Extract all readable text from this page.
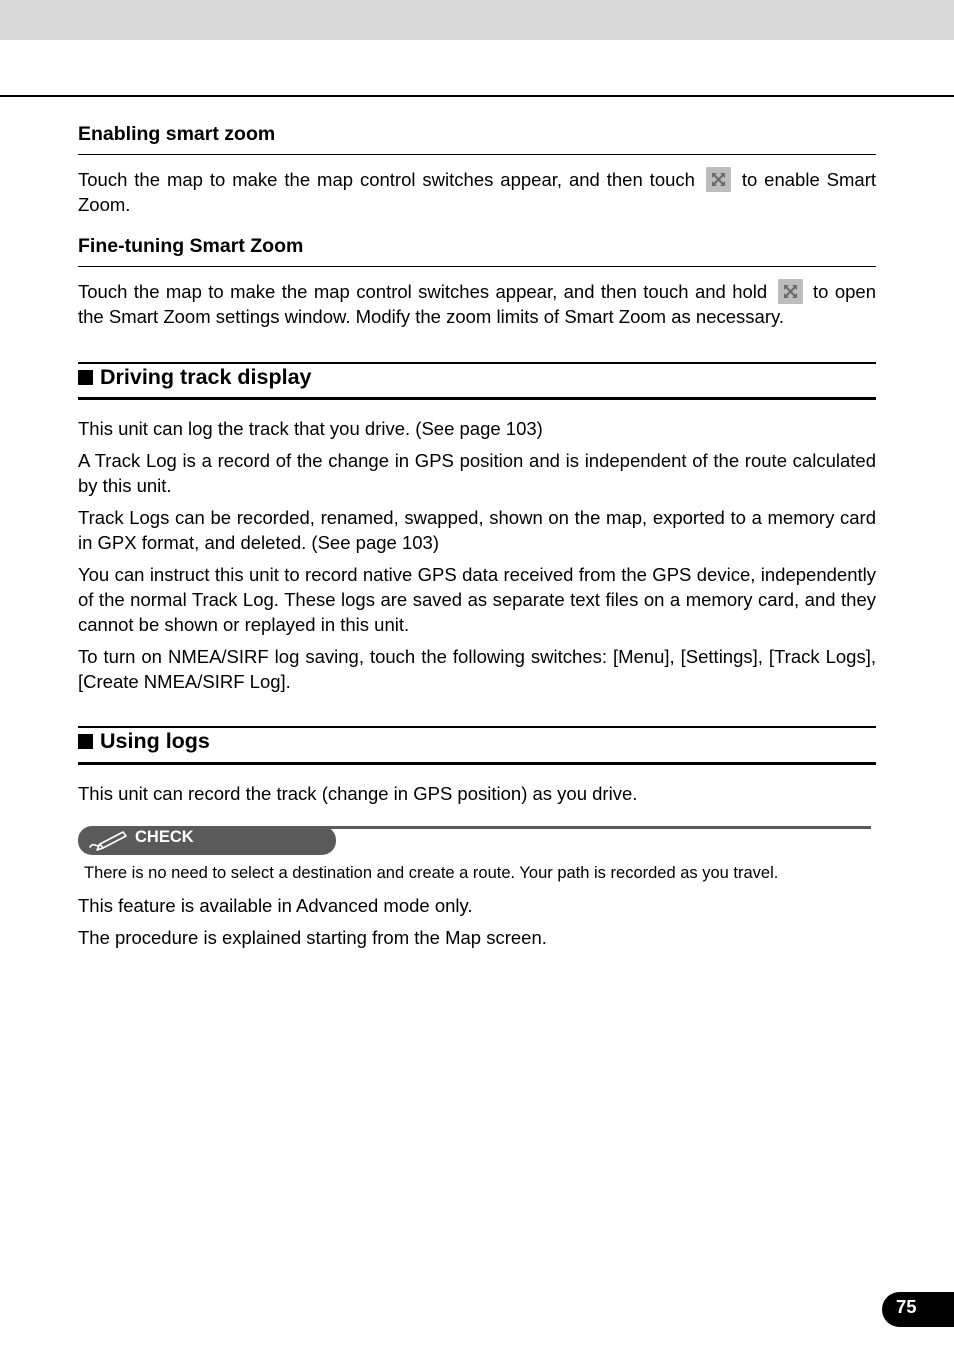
Enabling smart zoom

Touch the map to make the map control switches appear, and then touch	to enable Smart Zoom.

Fine-tuning Smart Zoom

Touch the map to make the map control switches appear, and then touch and hold to open the Smart Zoom settings window. Modify the zoom limits of Smart Zoom as necessary.

Driving track display

This unit can log the track that you drive. (See page 103)

A Track Log is a record of the change in GPS position and is independent of the route calculated by this unit.

Track Logs can be recorded, renamed, swapped, shown on the map, exported to a memory card in GPX format, and deleted. (See page 103)

You can instruct this unit to record native GPS data received from the GPS device, independently of the normal Track Log. These logs are saved as separate text files on a memory card, and they cannot be shown or replayed in this unit.

To turn on NMEA/SIRF log saving, touch the following switches: [Menu], [Settings], [Track Logs], [Create NMEA/SIRF Log].

Using logs

This unit can record the track (change in GPS position) as you drive.

CHECK
There is no need to select a destination and create a route. Your path is recorded as you travel.

This feature is available in Advanced mode only.

The procedure is explained starting from the Map screen.

75
